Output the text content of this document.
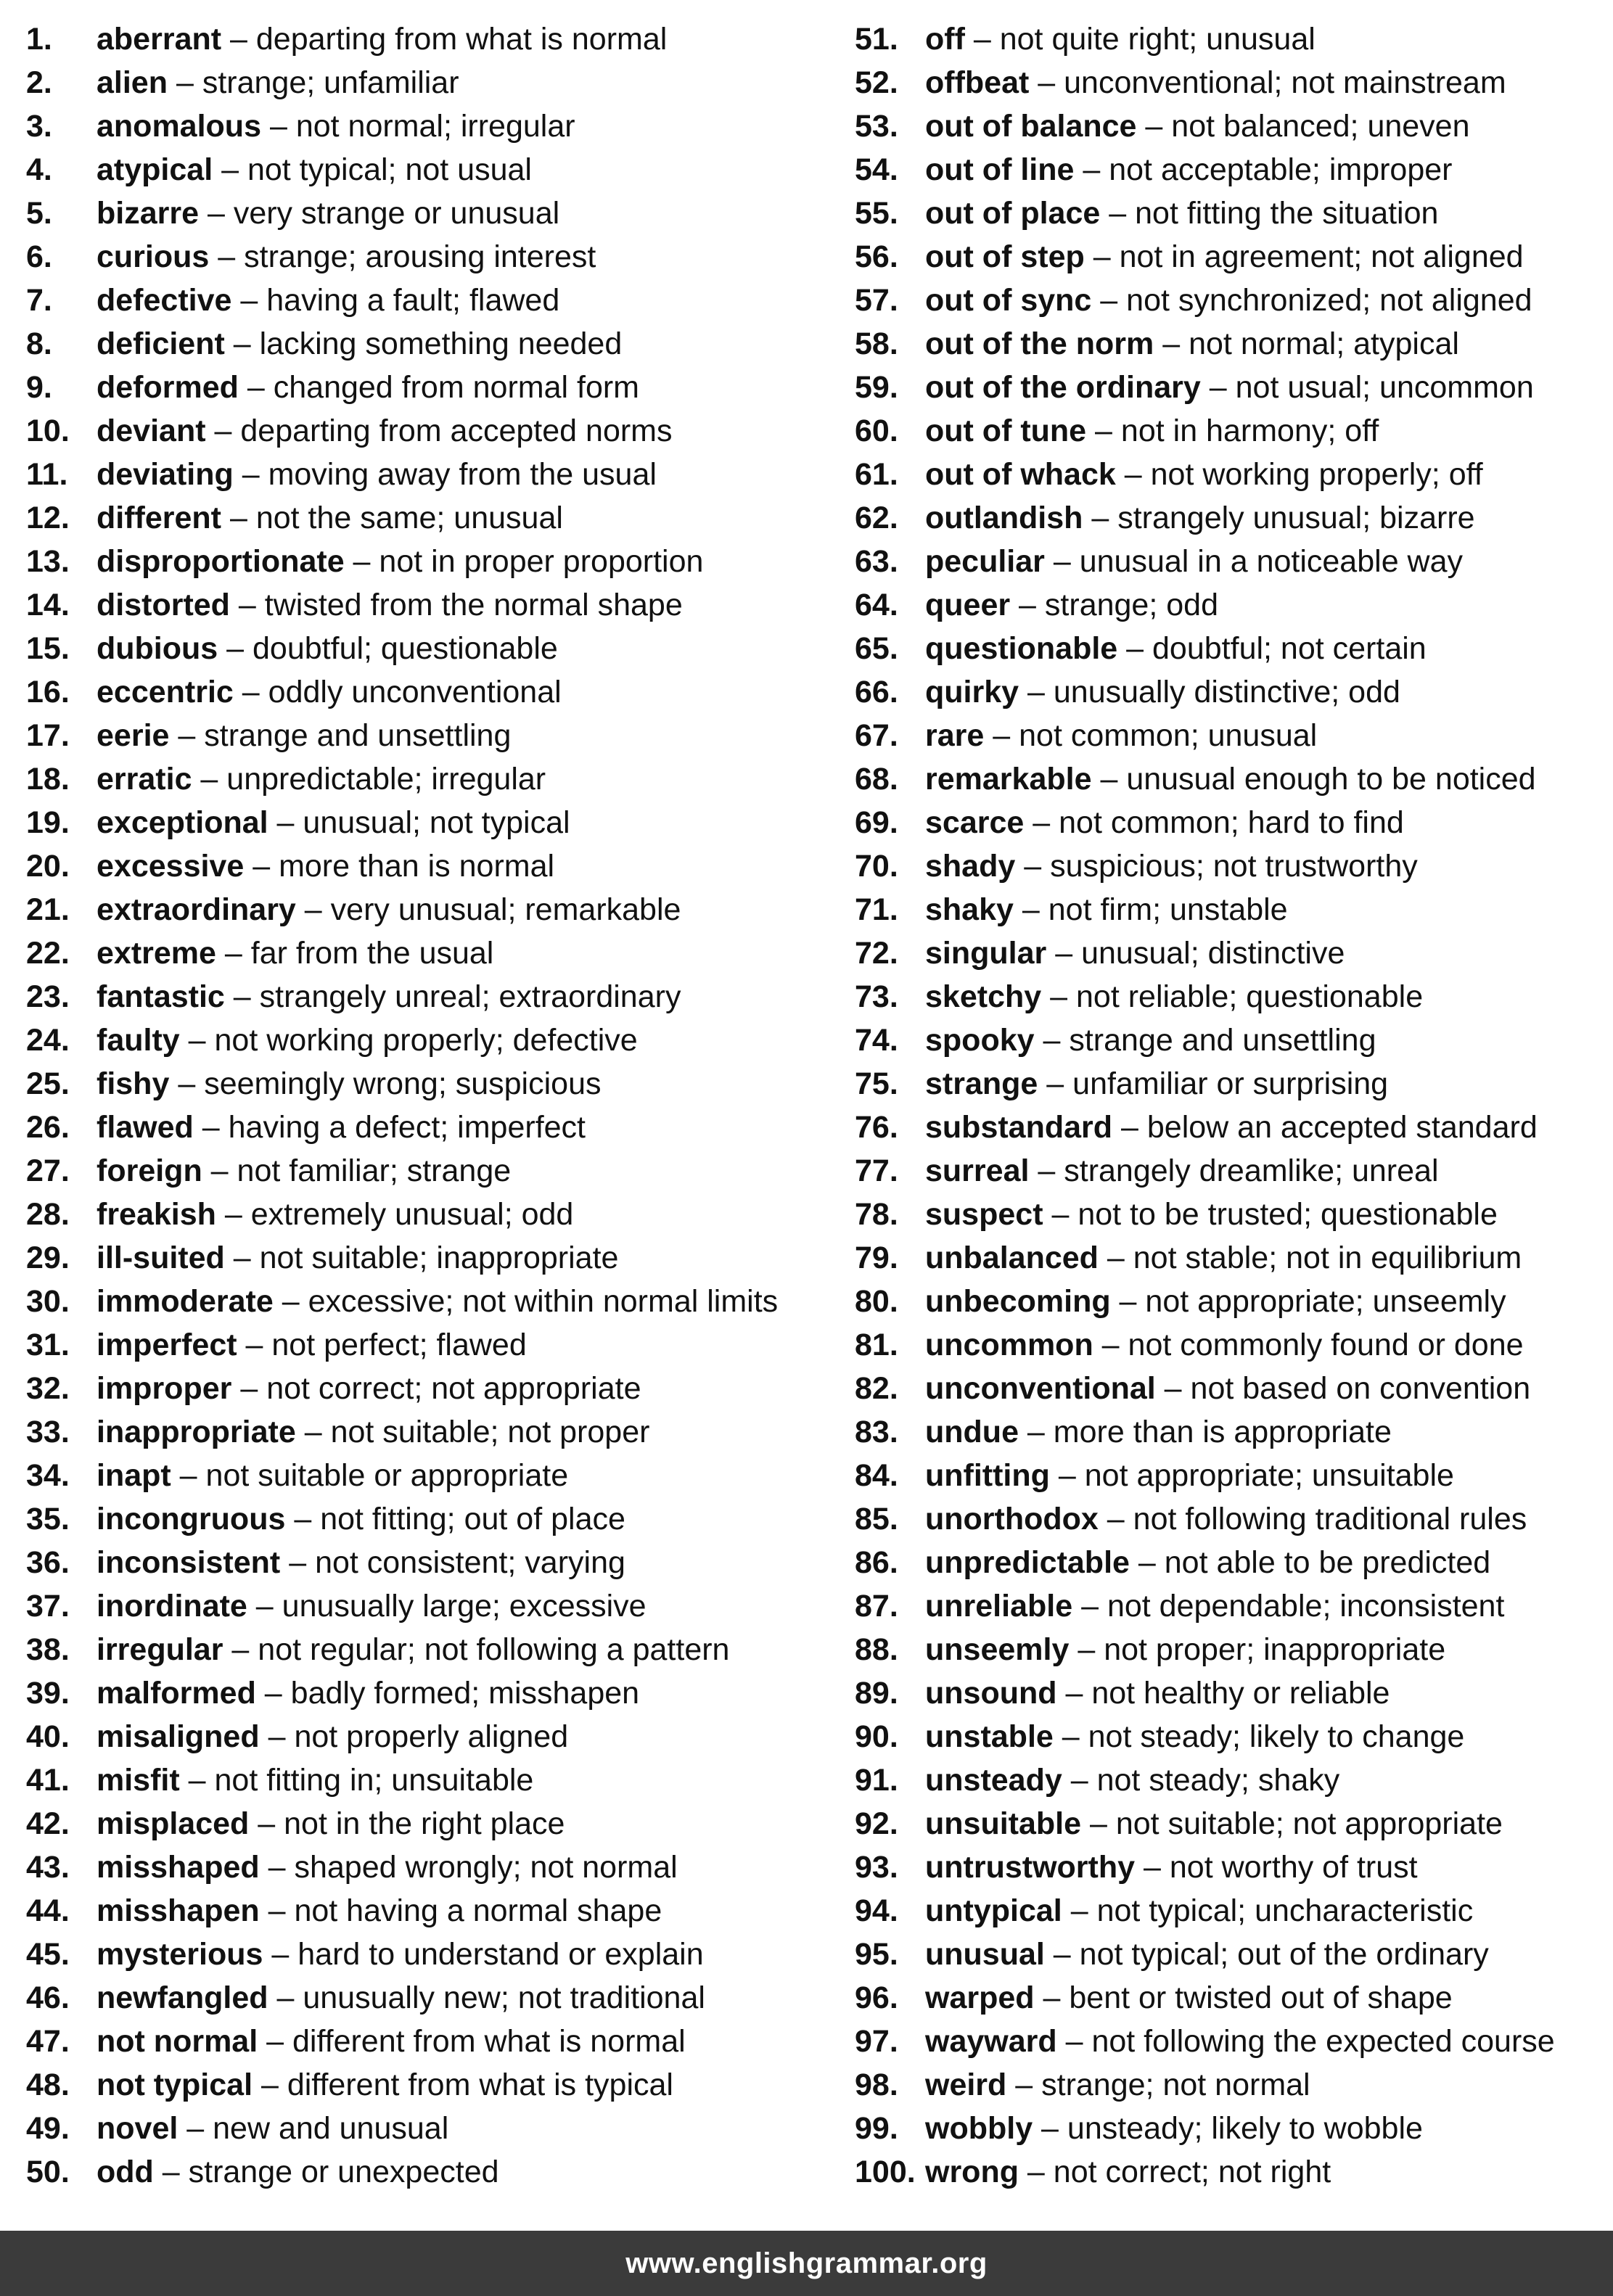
1.	aberrant – departing from what is normal
2.	alien – strange; unfamiliar
3.	anomalous – not normal; irregular
4.	atypical – not typical; not usual
5.	bizarre – very strange or unusual
6.	curious – strange; arousing interest
7.	defective – having a fault; flawed
8.	deficient – lacking something needed
9.	deformed – changed from normal form
10. deviant – departing from accepted norms
11. deviating – moving away from the usual
12. different – not the same; unusual
13. disproportionate – not in proper proportion
14. distorted – twisted from the normal shape
15. dubious – doubtful; questionable
16. eccentric – oddly unconventional
17. eerie – strange and unsettling
18. erratic – unpredictable; irregular
19. exceptional – unusual; not typical
20. excessive – more than is normal
21. extraordinary – very unusual; remarkable
22. extreme – far from the usual
23. fantastic – strangely unreal; extraordinary
24. faulty – not working properly; defective
25. fishy – seemingly wrong; suspicious
26. flawed – having a defect; imperfect
27. foreign – not familiar; strange
28. freakish – extremely unusual; odd
29. ill-suited – not suitable; inappropriate
30. immoderate – excessive; not within normal limits
31. imperfect – not perfect; flawed
32. improper – not correct; not appropriate
33. inappropriate – not suitable; not proper
34. inapt – not suitable or appropriate
35. incongruous – not fitting; out of place
36. inconsistent – not consistent; varying
37. inordinate – unusually large; excessive
38. irregular – not regular; not following a pattern
39. malformed – badly formed; misshapen
40. misaligned – not properly aligned
41. misfit – not fitting in; unsuitable
42. misplaced – not in the right place
43. misshaped – shaped wrongly; not normal
44. misshapen – not having a normal shape
45. mysterious – hard to understand or explain
46. newfangled – unusually new; not traditional
47. not normal – different from what is normal
48. not typical – different from what is typical
49. novel – new and unusual
50. odd – strange or unexpected
51. off – not quite right; unusual
52. offbeat – unconventional; not mainstream
53. out of balance – not balanced; uneven
54. out of line – not acceptable; improper
55. out of place – not fitting the situation
56. out of step – not in agreement; not aligned
57. out of sync – not synchronized; not aligned
58. out of the norm – not normal; atypical
59. out of the ordinary – not usual; uncommon
60. out of tune – not in harmony; off
61. out of whack – not working properly; off
62. outlandish – strangely unusual; bizarre
63. peculiar – unusual in a noticeable way
64. queer – strange; odd
65. questionable – doubtful; not certain
66. quirky – unusually distinctive; odd
67. rare – not common; unusual
68. remarkable – unusual enough to be noticed
69. scarce – not common; hard to find
70. shady – suspicious; not trustworthy
71. shaky – not firm; unstable
72. singular – unusual; distinctive
73. sketchy – not reliable; questionable
74. spooky – strange and unsettling
75. strange – unfamiliar or surprising
76. substandard – below an accepted standard
77. surreal – strangely dreamlike; unreal
78. suspect – not to be trusted; questionable
79. unbalanced – not stable; not in equilibrium
80. unbecoming – not appropriate; unseemly
81. uncommon – not commonly found or done
82. unconventional – not based on convention
83. undue – more than is appropriate
84. unfitting – not appropriate; unsuitable
85. unorthodox – not following traditional rules
86. unpredictable – not able to be predicted
87. unreliable – not dependable; inconsistent
88. unseemly – not proper; inappropriate
89. unsound – not healthy or reliable
90. unstable – not steady; likely to change
91. unsteady – not steady; shaky
92. unsuitable – not suitable; not appropriate
93. untrustworthy – not worthy of trust
94. untypical – not typical; uncharacteristic
95. unusual – not typical; out of the ordinary
96. warped – bent or twisted out of shape
97. wayward – not following the expected course
98. weird – strange; not normal
99. wobbly – unsteady; likely to wobble
100. wrong – not correct; not right
www.englishgrammar.org
